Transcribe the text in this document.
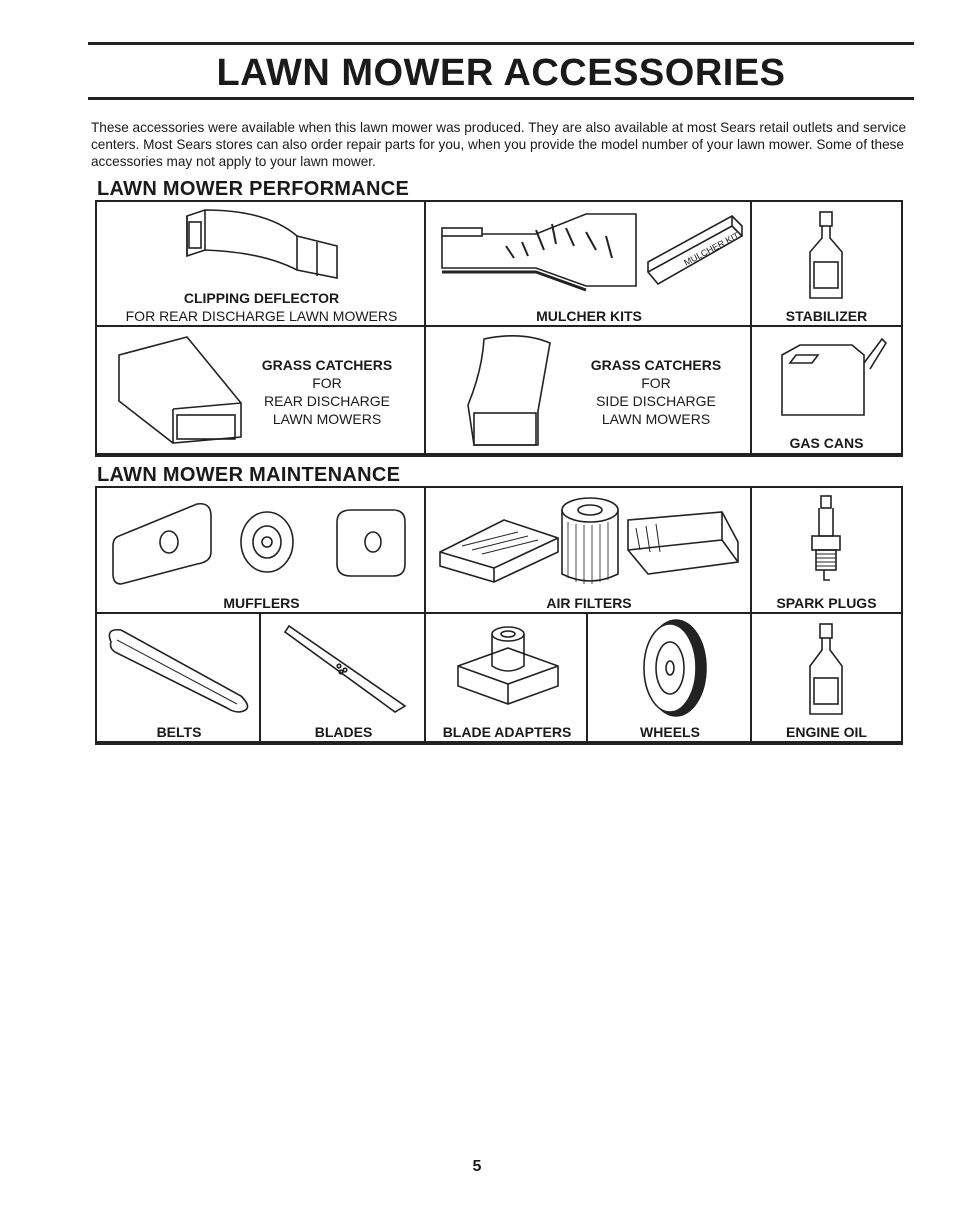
LAWN MOWER ACCESSORIES
These accessories were available when this lawn mower was produced. They are also available at most Sears retail outlets and service centers. Most Sears stores can also order repair parts for you, when you provide the model number of your lawn mower. Some of these accessories may not apply to your lawn mower.
LAWN MOWER PERFORMANCE
CLIPPING DEFLECTOR
FOR REAR DISCHARGE LAWN MOWERS
MULCHER KIT
MULCHER KITS	STABILIZER
GRASS CATCHERS
FOR
REAR DISCHARGE
LAWN MOWERS
GRASS CATCHERS
FOR
SIDE DISCHARGE
LAWN MOWERS
GAS CANS
LAWN MOWER MAINTENANCE
MUFFLERS	AIR FILTERS	SPARK PLUGS
BELTS	BLADES	BLADE ADAPTERS	WHEELS	ENGINE OIL
5
